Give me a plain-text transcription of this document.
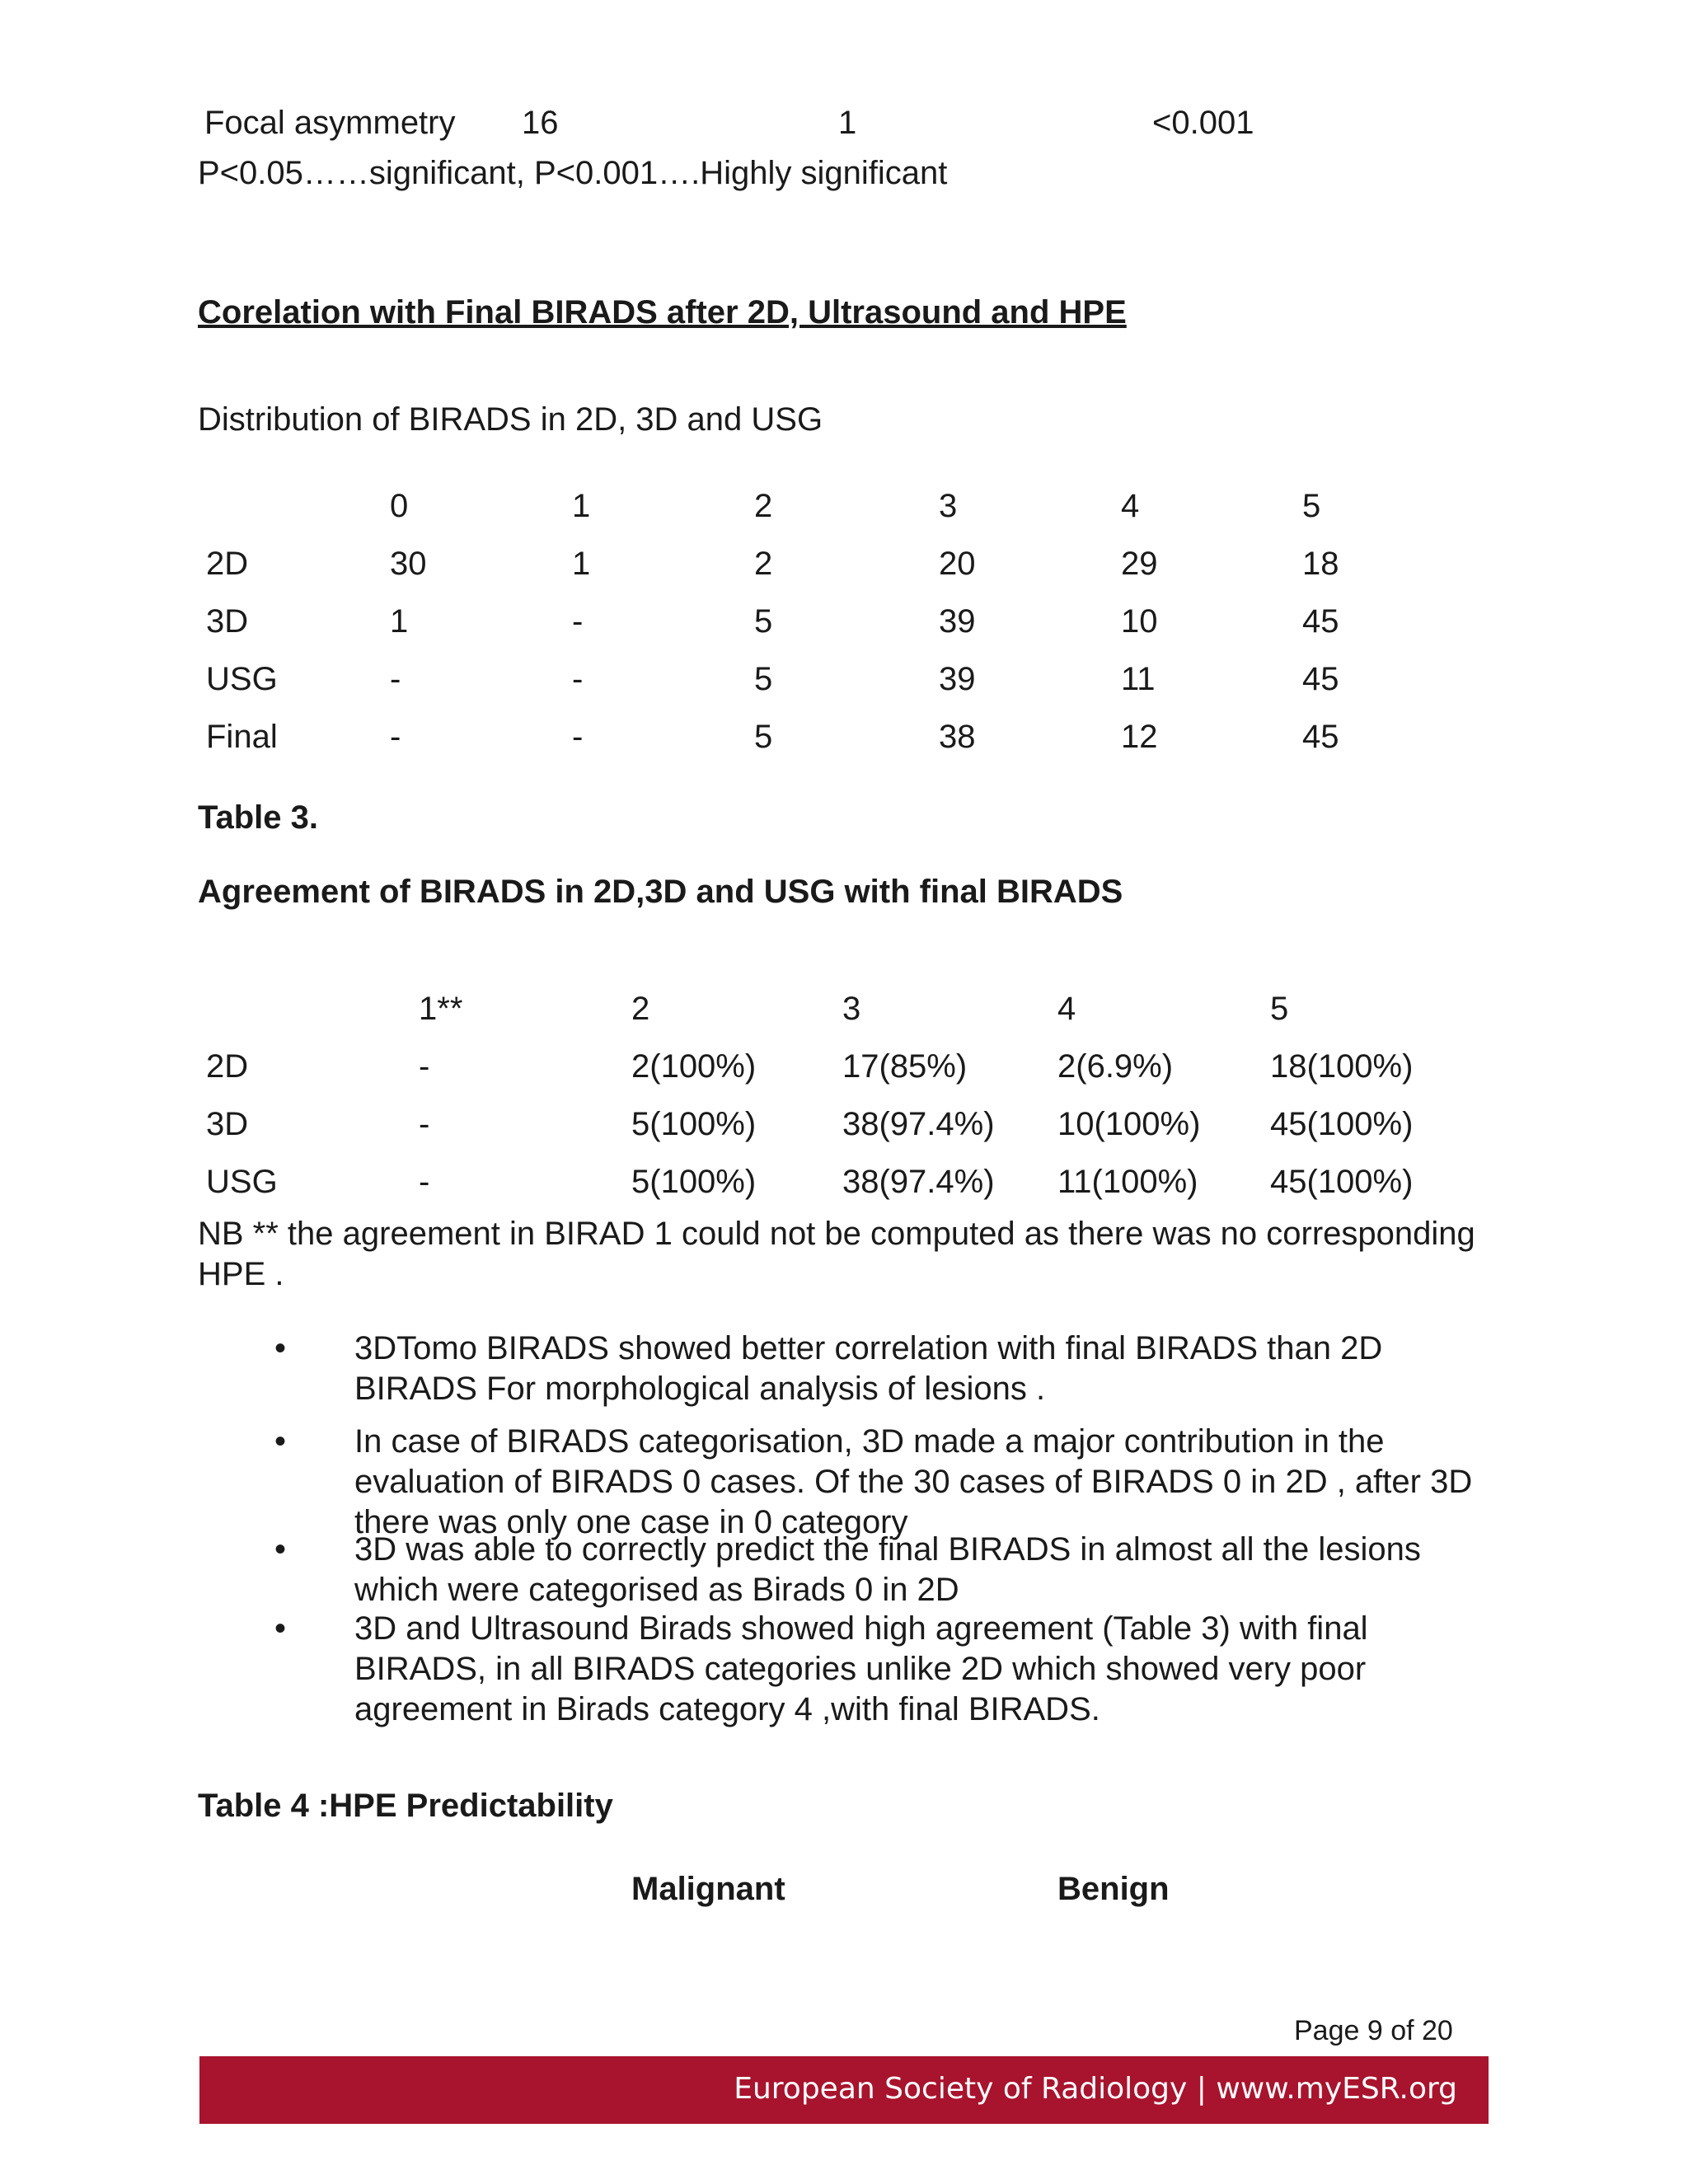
Focal asymmetry 16	1	<0.001
P<0.05……significant, P<0.001….Highly significant
Corelation with Final BIRADS after 2D, Ultrasound and HPE
Distribution of BIRADS in 2D, 3D and USG
0	1	2	3	4	5
2D	30	1	2	20	29	18
3D	1	-	5	39	10	45
USG	-	-	5	39	11	45
Final	-	-	5	38	12	45
Table 3.
Agreement of BIRADS in 2D,3D and USG with final BIRADS
1**	2	3	4	5
2D	-	2(100%)	17(85%)	2(6.9%)	18(100%)
3D	-	5(100%)	38(97.4%) 10(100%) 45(100%)
USG	-	5(100%)	38(97.4%) 11(100%) 45(100%)
NB ** the agreement in BIRAD 1 could not be computed as there was no corresponding
HPE .
• 3DTomo BIRADS showed better correlation with final BIRADS than 2D
BIRADS For morphological analysis of lesions .
• In case of BIRADS categorisation, 3D made a major contribution in the
evaluation of BIRADS 0 cases. Of the 30 cases of BIRADS 0 in 2D , after 3D
there was only one case in 0 category
• 3D was able to correctly predict the final BIRADS in almost all the lesions
which were categorised as Birads 0 in 2D
• 3D and Ultrasound Birads showed high agreement (Table 3) with final
BIRADS, in all BIRADS categories unlike 2D which showed very poor
agreement in Birads category 4 ,with final BIRADS.
Table 4 :HPE Predictability
Malignant	Benign
Page 9 of 20
European Society of Radiology | www.myESR.org
